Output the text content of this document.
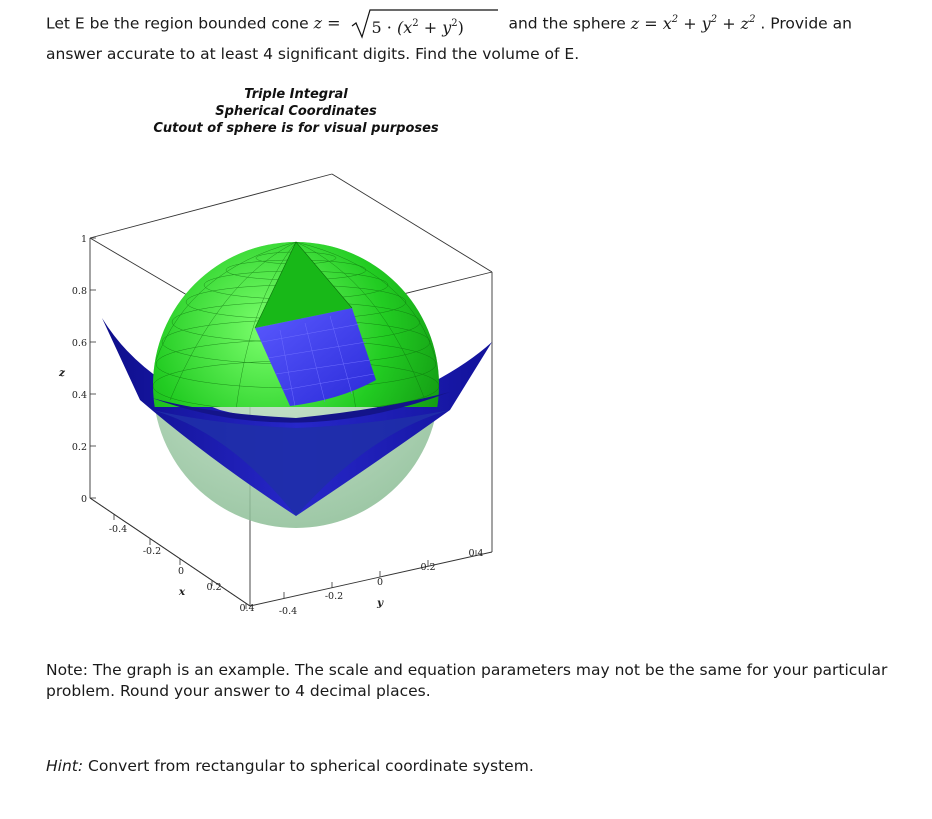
Let E be the region bounded cone $z = 5 \cdot (x^2 + y^2)$	and the sphere $z = x^2 + y^2 + z^2$ . Provide an
answer accurate to at least 4 significant digits. Find the volume of E.
Triple Integral
Spherical Coordinates
Cutout of sphere is for visual purposes
1
0.8
0.6
0.4
0.2
0
z
-0.4
-0.2
0
0.2
0.4
x
-0.4
-0.2
0
0.2
0.4
y
Note: The graph is an example. The scale and equation parameters may not be the same for your particular problem. Round your answer to 4 decimal places.
Hint: Convert from rectangular to spherical coordinate system.
